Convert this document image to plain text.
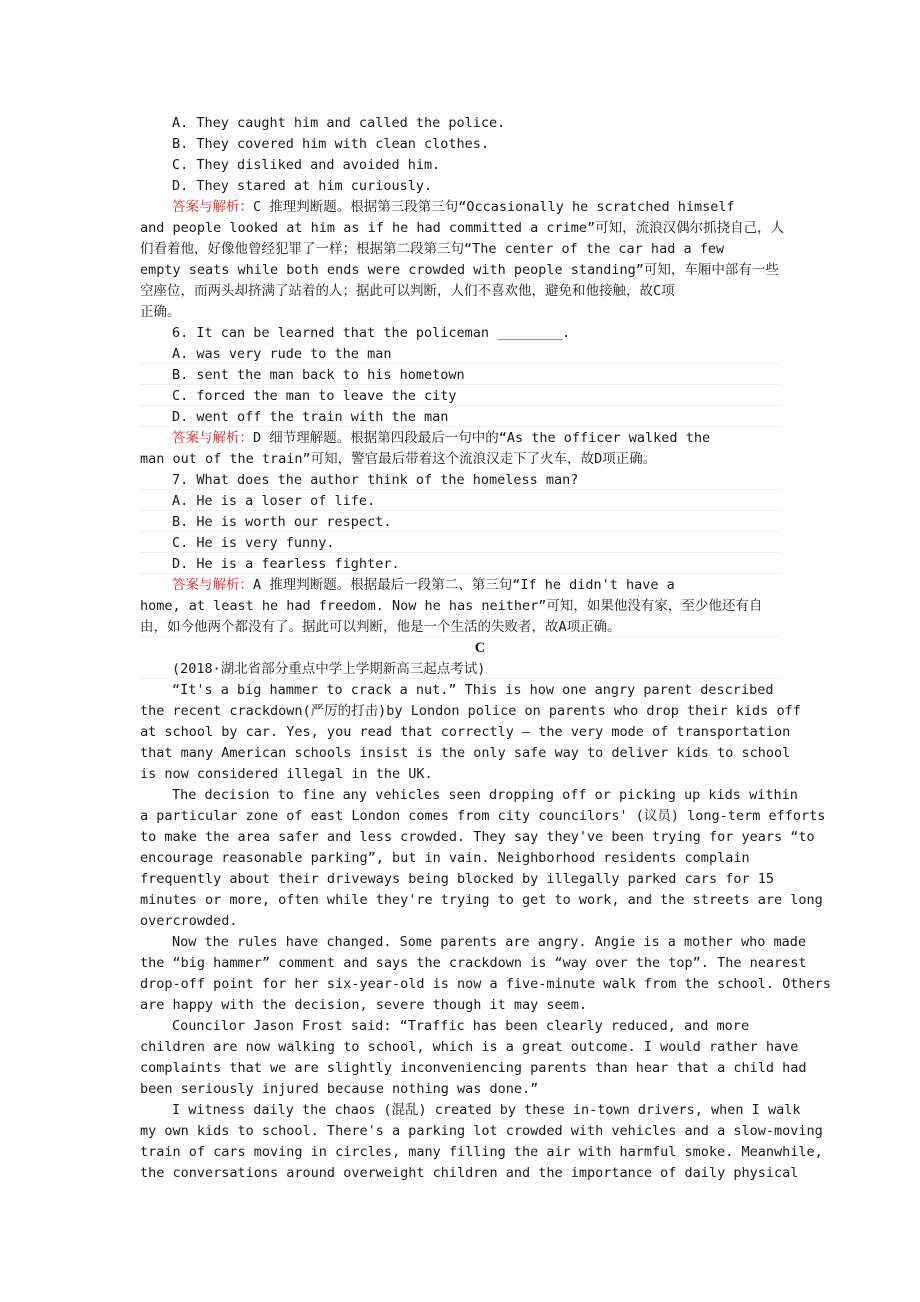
A. They caught him and called the police.
B. They covered him with clean clothes.
C. They disliked and avoided him.
D. They stared at him curiously.
答案与解析：C 推理判断题。根据第三段第三句“Occasionally he scratched himself
and people looked at him as if he had committed a crime”可知，流浪汉偶尔抓挠自己，人
们看着他，好像他曾经犯罪了一样；根据第二段第三句“The center of the car had a few
empty seats while both ends were crowded with people standing”可知，车厢中部有一些
空座位，而两头却挤满了站着的人；据此可以判断，人们不喜欢他，避免和他接触，故C项
正确。
6. It can be learned that the policeman ________.
A. was very rude to the man
B. sent the man back to his hometown
C. forced the man to leave the city
D. went off the train with the man
答案与解析：D 细节理解题。根据第四段最后一句中的“As the officer walked the
man out of the train”可知，警官最后带着这个流浪汉走下了火车，故D项正确。
7. What does the author think of the homeless man?
A. He is a loser of life.
B. He is worth our respect.
C. He is very funny.
D. He is a fearless fighter.
答案与解析：A 推理判断题。根据最后一段第二、第三句“If he didn't have a
home, at least he had freedom. Now he has neither”可知，如果他没有家，至少他还有自
由，如今他两个都没有了。据此可以判断，他是一个生活的失败者，故A项正确。
C
(2018·湖北省部分重点中学上学期新高三起点考试)
“It's a big hammer to crack a nut.” This is how one angry parent described
the recent crackdown(严厉的打击)by London police on parents who drop their kids off
at school by car. Yes, you read that correctly — the very mode of transportation
that many American schools insist is the only safe way to deliver kids to school
is now considered illegal in the UK.
The decision to fine any vehicles seen dropping off or picking up kids within
a particular zone of east London comes from city councilors' (议员) long-term efforts
to make the area safer and less crowded. They say they've been trying for years “to
encourage reasonable parking”, but in vain. Neighborhood residents complain
frequently about their driveways being blocked by illegally parked cars for 15
minutes or more, often while they're trying to get to work, and the streets are long
overcrowded.
Now the rules have changed. Some parents are angry. Angie is a mother who made
the “big hammer” comment and says the crackdown is “way over the top”. The nearest
drop-off point for her six-year-old is now a five-minute walk from the school. Others
are happy with the decision, severe though it may seem.
Councilor Jason Frost said: “Traffic has been clearly reduced, and more
children are now walking to school, which is a great outcome. I would rather have
complaints that we are slightly inconveniencing parents than hear that a child had
been seriously injured because nothing was done.”
I witness daily the chaos (混乱) created by these in-town drivers, when I walk
my own kids to school. There's a parking lot crowded with vehicles and a slow-moving
train of cars moving in circles, many filling the air with harmful smoke. Meanwhile,
the conversations around overweight children and the importance of daily physical
